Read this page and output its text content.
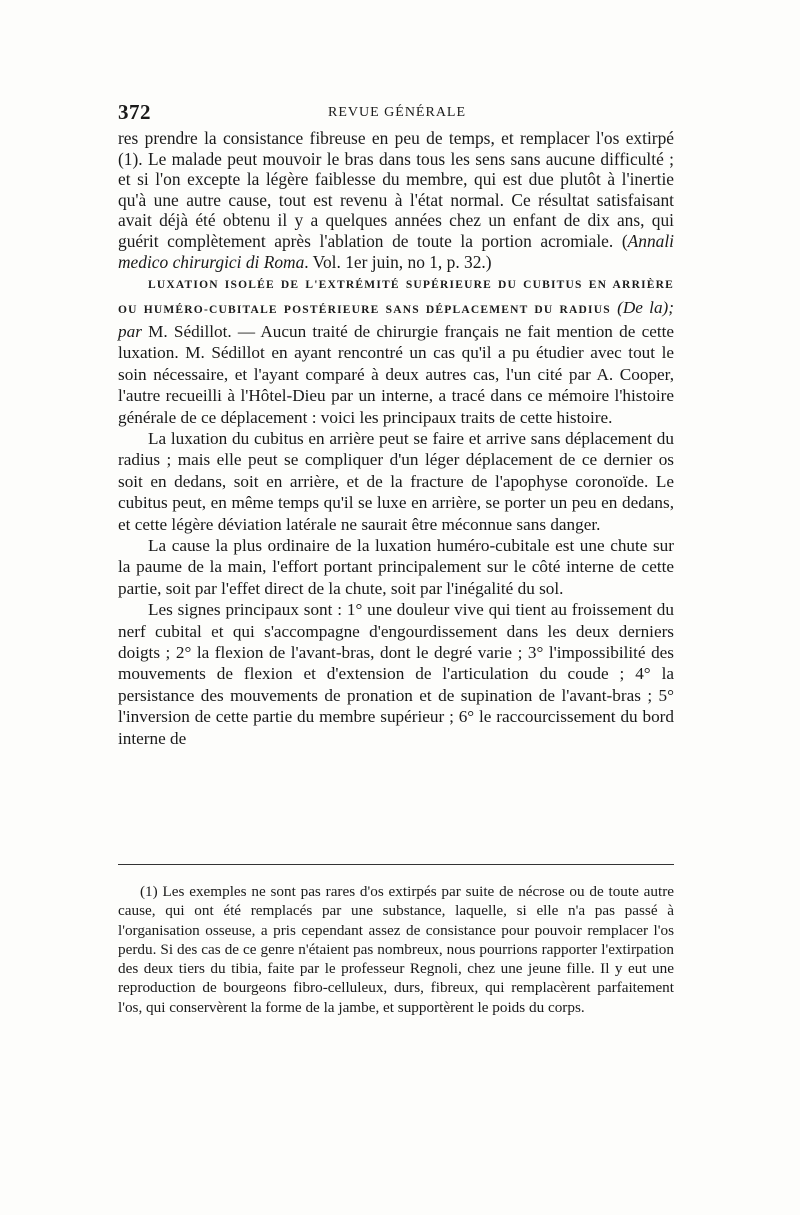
372	REVUE GÉNÉRALE

res prendre la consistance fibreuse en peu de temps, et remplacer l'os extirpé (1). Le malade peut mouvoir le bras dans tous les sens sans aucune difficulté ; et si l'on excepte la légère faiblesse du membre, qui est due plutôt à l'inertie qu'à une autre cause, tout est revenu à l'état normal. Ce résultat satisfaisant avait déjà été obtenu il y a quelques années chez un enfant de dix ans, qui guérit complètement après l'ablation de toute la portion acromiale. (Annali medico chirurgici di Roma. Vol. 1er juin, no 1, p. 32.)

LUXATION ISOLÉE DE L'EXTRÉMITÉ SUPÉRIEURE DU CUBITUS EN ARRIÈRE OU HUMÉRO-CUBITALE POSTÉRIEURE SANS DÉPLACEMENT DU RADIUS (De la); par M. Sédillot. — Aucun traité de chirurgie français ne fait mention de cette luxation. M. Sédillot en ayant rencontré un cas qu'il a pu étudier avec tout le soin nécessaire, et l'ayant comparé à deux autres cas, l'un cité par A. Cooper, l'autre recueilli à l'Hôtel-Dieu par un interne, a tracé dans ce mémoire l'histoire générale de ce déplacement : voici les principaux traits de cette histoire.

La luxation du cubitus en arrière peut se faire et arrive sans déplacement du radius ; mais elle peut se compliquer d'un léger déplacement de ce dernier os soit en dedans, soit en arrière, et de la fracture de l'apophyse coronoïde. Le cubitus peut, en même temps qu'il se luxe en arrière, se porter un peu en dedans, et cette légère déviation latérale ne saurait être méconnue sans danger.

La cause la plus ordinaire de la luxation huméro-cubitale est une chute sur la paume de la main, l'effort portant principalement sur le côté interne de cette partie, soit par l'effet direct de la chute, soit par l'inégalité du sol.

Les signes principaux sont : 1° une douleur vive qui tient au froissement du nerf cubital et qui s'accompagne d'engourdissement dans les deux derniers doigts ; 2° la flexion de l'avant-bras, dont le degré varie ; 3° l'impossibilité des mouvements de flexion et d'extension de l'articulation du coude ; 4° la persistance des mouvements de pronation et de supination de l'avant-bras ; 5° l'inversion de cette partie du membre supérieur ; 6° le raccourcissement du bord interne de

(1) Les exemples ne sont pas rares d'os extirpés par suite de nécrose ou de toute autre cause, qui ont été remplacés par une substance, laquelle, si elle n'a pas passé à l'organisation osseuse, a pris cependant assez de consistance pour pouvoir remplacer l'os perdu. Si des cas de ce genre n'étaient pas nombreux, nous pourrions rapporter l'extirpation des deux tiers du tibia, faite par le professeur Regnoli, chez une jeune fille. Il y eut une reproduction de bourgeons fibro-celluleux, durs, fibreux, qui remplacèrent parfaitement l'os, qui conservèrent la forme de la jambe, et supportèrent le poids du corps.
